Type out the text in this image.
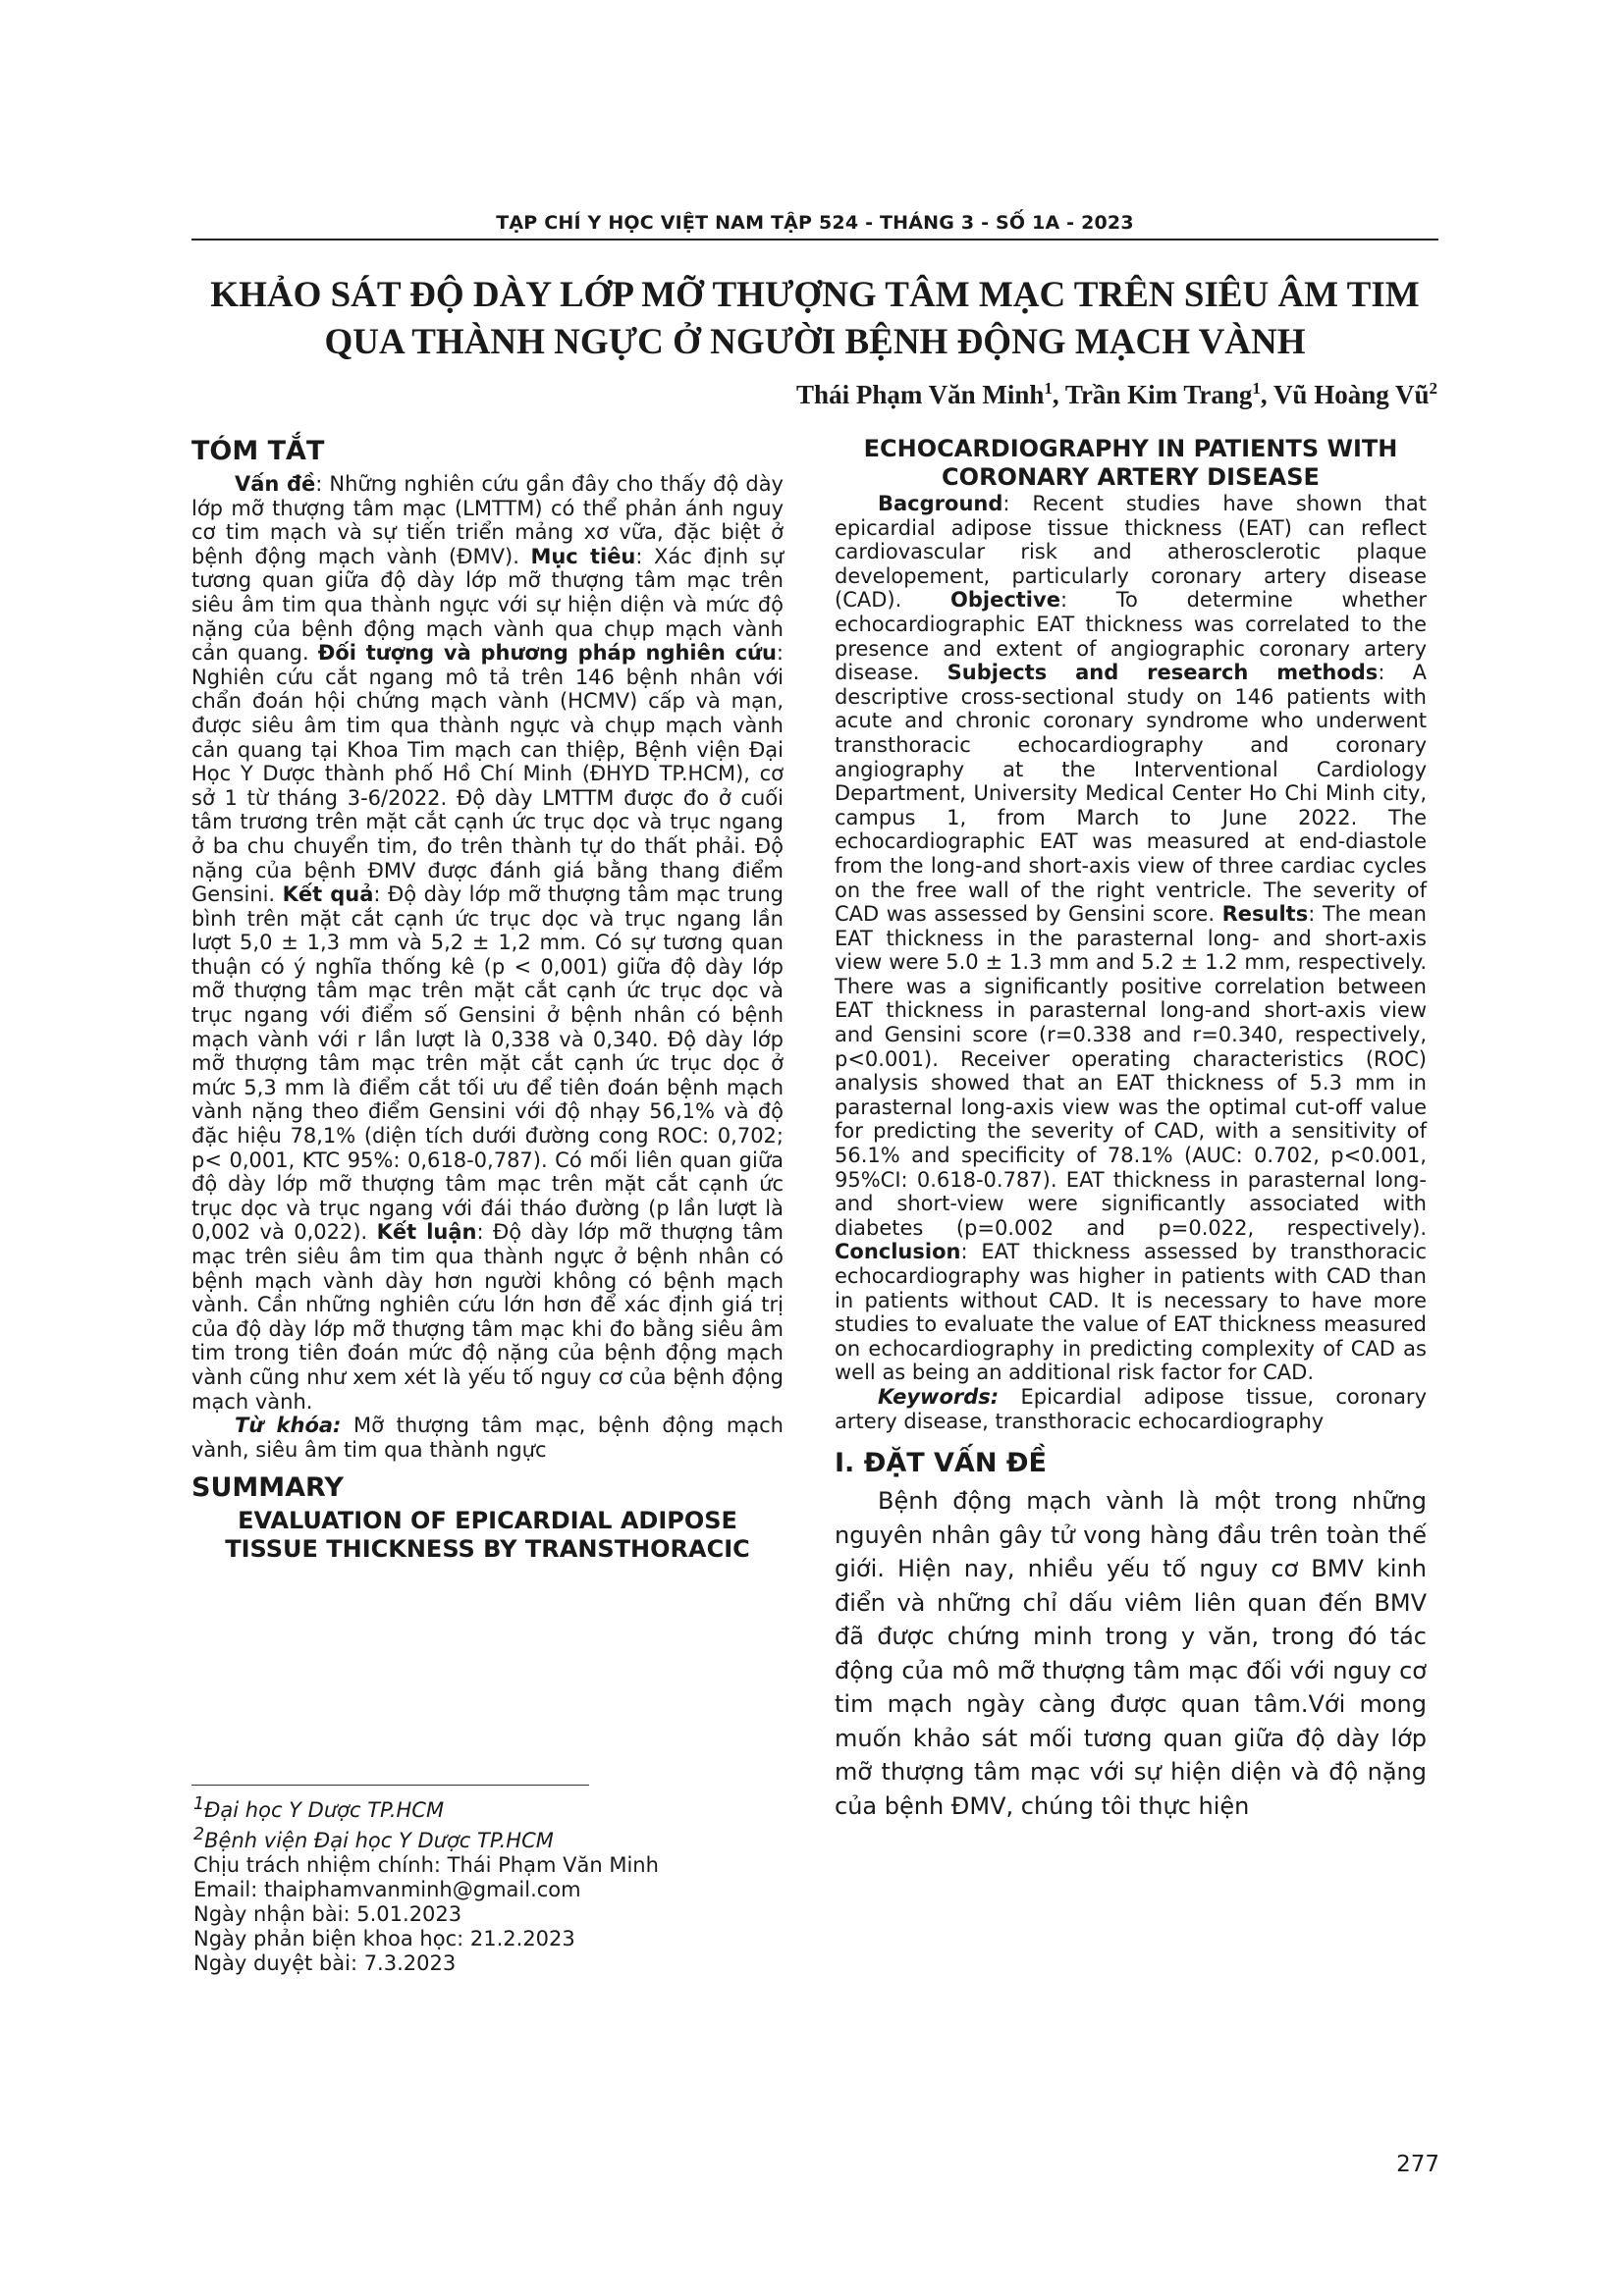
TẠP CHÍ Y HỌC VIỆT NAM TẬP 524 - THÁNG 3 - SỐ 1A - 2023
KHẢO SÁT ĐỘ DÀY LỚP MỠ THƯỢNG TÂM MẠC TRÊN SIÊU ÂM TIM
QUA THÀNH NGỰC Ở NGƯỜI BỆNH ĐỘNG MẠCH VÀNH
Thái Phạm Văn Minh$^1$, Trần Kim Trang$^1$, Vũ Hoàng $Vũ^2$
TÓM TẮT

Vấn đề: Những nghiên cứu gần đây cho thấy độ dày lớp mỡ thượng tâm mạc (LMTTM) có thể phản ánh nguy cơ tim mạch và sự tiến triển mảng xơ vữa, đặc biệt ở bệnh động mạch vành (ĐMV). Mục tiêu: Xác định sự tương quan giữa độ dày lớp mỡ thượng tâm mạc trên siêu âm tim qua thành ngực với sự hiện diện và mức độ nặng của bệnh động mạch vành qua chụp mạch vành cản quang. Đối tượng và phương pháp nghiên cứu: Nghiên cứu cắt ngang mô tả trên 146 bệnh nhân với chẩn đoán hội chứng mạch vành (HCMV) cấp và mạn, được siêu âm tim qua thành ngực và chụp mạch vành cản quang tại Khoa Tim mạch can thiệp, Bệnh viện Đại Học Y Dược thành phố Hồ Chí Minh (ĐHYD TP.HCM), cơ sở 1 từ tháng 3-6/2022. Độ dày LMTTM được đo ở cuối tâm trương trên mặt cắt cạnh ức trục dọc và trục ngang ở ba chu chuyển tim, đo trên thành tự do thất phải. Độ nặng của bệnh ĐMV được đánh giá bằng thang điểm Gensini. Kết quả: Độ dày lớp mỡ thượng tâm mạc trung bình trên mặt cắt cạnh ức trục dọc và trục ngang lần lượt 5,0 ± 1,3 mm và 5,2 ± 1,2 mm. Có sự tương quan thuận có ý nghĩa thống kê (p < 0,001) giữa độ dày lớp mỡ thượng tâm mạc trên mặt cắt cạnh ức trục dọc và trục ngang với điểm số Gensini ở bệnh nhân có bệnh mạch vành với r lần lượt là 0,338 và 0,340. Độ dày lớp mỡ thượng tâm mạc trên mặt cắt cạnh ức trục dọc ở mức 5,3 mm là điểm cắt tối ưu để tiên đoán bệnh mạch vành nặng theo điểm Gensini với độ nhạy 56,1% và độ đặc hiệu 78,1% (diện tích dưới đường cong ROC: 0,702; p< 0,001, KTC 95%: 0,618-0,787). Có mối liên quan giữa độ dày lớp mỡ thượng tâm mạc trên mặt cắt cạnh ức trục dọc và trục ngang với đái tháo đường (p lần lượt là 0,002 và 0,022). Kết luận: Độ dày lớp mỡ thượng tâm mạc trên siêu âm tim qua thành ngực ở bệnh nhân có bệnh mạch vành dày hơn người không có bệnh mạch vành. Cần những nghiên cứu lớn hơn để xác định giá trị của độ dày lớp mỡ thượng tâm mạc khi đo bằng siêu âm tim trong tiên đoán mức độ nặng của bệnh động mạch vành cũng như xem xét là yếu tố nguy cơ của bệnh động mạch vành.

Từ khóa: Mỡ thượng tâm mạc, bệnh động mạch vành, siêu âm tim qua thành ngực

SUMMARY

EVALUATION OF EPICARDIAL ADIPOSE
TISSUE THICKNESS BY TRANSTHORACIC

$^1$Đại học Y Dược TP.HCM
$^2$Bệnh viện Đại học Y Dược TP.HCM
Chịu trách nhiệm chính: Thái Phạm Văn Minh
Email: thaiphamvanminh@gmail.com
Ngày nhận bài: 5.01.2023
Ngày phản biện khoa học: 21.2.2023
Ngày duyệt bài: 7.3.2023

ECHOCARDIOGRAPHY IN PATIENTS WITH
CORONARY ARTERY DISEASE

Bacground: Recent studies have shown that epicardial adipose tissue thickness (EAT) can reflect cardiovascular risk and atherosclerotic plaque developement, particularly coronary artery disease (CAD). Objective: To determine whether echocardiographic EAT thickness was correlated to the presence and extent of angiographic coronary artery disease. Subjects and research methods: A descriptive cross-sectional study on 146 patients with acute and chronic coronary syndrome who underwent transthoracic echocardiography and coronary angiography at the Interventional Cardiology Department, University Medical Center Ho Chi Minh city, campus 1, from March to June 2022. The echocardiographic EAT was measured at end-diastole from the long-and short-axis view of three cardiac cycles on the free wall of the right ventricle. The severity of CAD was assessed by Gensini score. Results: The mean EAT thickness in the parasternal long- and short-axis view were 5.0 ± 1.3 mm and 5.2 ± 1.2 mm, respectively. There was a significantly positive correlation between EAT thickness in parasternal long-and short-axis view and Gensini score (r=0.338 and r=0.340, respectively, p<0.001). Receiver operating characteristics (ROC) analysis showed that an EAT thickness of 5.3 mm in parasternal long-axis view was the optimal cut-off value for predicting the severity of CAD, with a sensitivity of 56.1% and specificity of 78.1% (AUC: 0.702, p<0.001, 95%CI: 0.618-0.787). EAT thickness in parasternal long-and short-view were significantly associated with diabetes (p=0.002 and p=0.022, respectively). Conclusion: EAT thickness assessed by transthoracic echocardiography was higher in patients with CAD than in patients without CAD. It is necessary to have more studies to evaluate the value of EAT thickness measured on echocardiography in predicting complexity of CAD as well as being an additional risk factor for CAD.

Keywords: Epicardial adipose tissue, coronary artery disease, transthoracic echocardiography

I. ĐẶT VẤN ĐỀ

Bệnh động mạch vành là một trong những nguyên nhân gây tử vong hàng đầu trên toàn thế giới. Hiện nay, nhiều yếu tố nguy cơ BMV kinh điển và những chỉ dấu viêm liên quan đến BMV đã được chứng minh trong y văn, trong đó tác động của mô mỡ thượng tâm mạc đối với nguy cơ tim mạch ngày càng được quan tâm.Với mong muốn khảo sát mối tương quan giữa độ dày lớp mỡ thượng tâm mạc với sự hiện diện và độ nặng của bệnh ĐMV, chúng tôi thực hiện

277
